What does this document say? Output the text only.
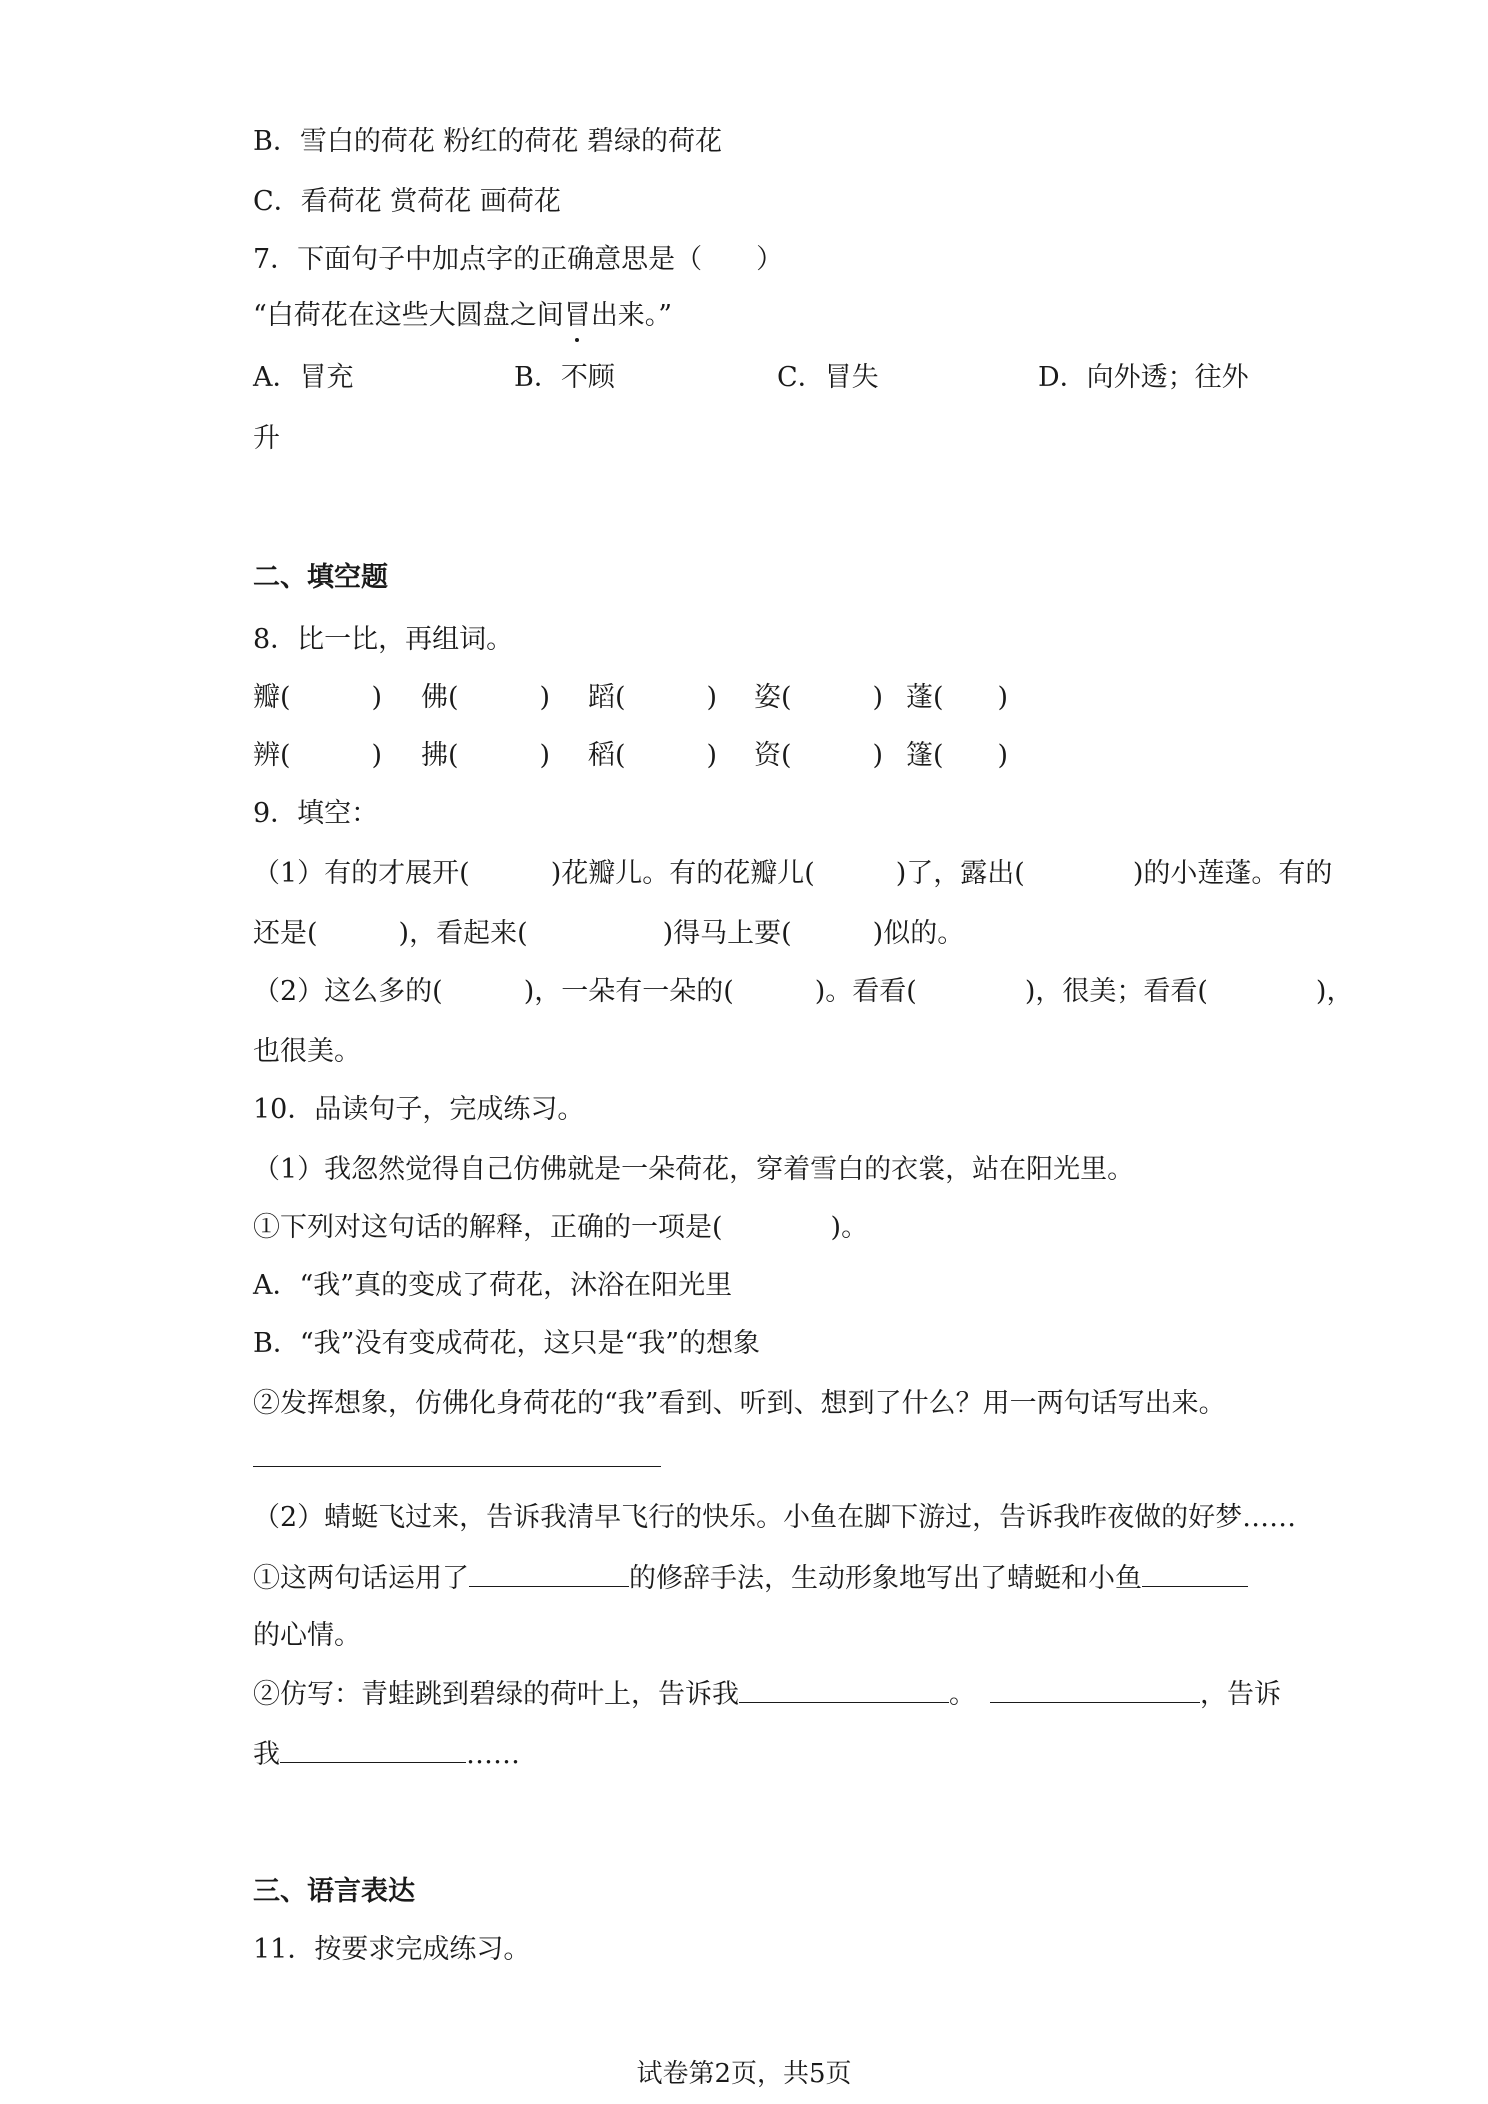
B．雪白的荷花 粉红的荷花 碧绿的荷花
C．看荷花 赏荷花 画荷花
7．下面句子中加点字的正确意思是（　　）
“白荷花在这些大圆盘之间冒出来。”
A．冒充	B．不顾	C．冒失	D．向外透；往外
升
二、填空题
8．比一比，再组词。
瓣(　　　) 佛(　　　) 蹈(　　　) 姿(　　　) 蓬(　　)
辨(　　　) 拂(　　　) 稻(　　　) 资(　　　) 篷(　　)
9．填空：
（1）有的才展开(　　　)花瓣儿。有的花瓣儿(　　　)了，露出(　　　　)的小莲蓬。有的
还是(　　　)，看起来(　　　　　)得马上要(　　　)似的。
（2）这么多的(　　　)，一朵有一朵的(　　　)。看看(　　　　)，很美；看看(　　　　)，
也很美。
10．品读句子，完成练习。
（1）我忽然觉得自己仿佛就是一朵荷花，穿着雪白的衣裳，站在阳光里。
①下列对这句话的解释，正确的一项是(　　　　)。
A．“我”真的变成了荷花，沐浴在阳光里
B．“我”没有变成荷花，这只是“我”的想象
②发挥想象，仿佛化身荷花的“我”看到、听到、想到了什么？用一两句话写出来。
（2）蜻蜓飞过来，告诉我清早飞行的快乐。小鱼在脚下游过，告诉我昨夜做的好梦……
①这两句话运用了	的修辞手法，生动形象地写出了蜻蜓和小鱼
的心情。
②仿写：青蛙跳到碧绿的荷叶上，告诉我	。	，告诉
我	……
三、语言表达
11．按要求完成练习。
试卷第2页，共5页
